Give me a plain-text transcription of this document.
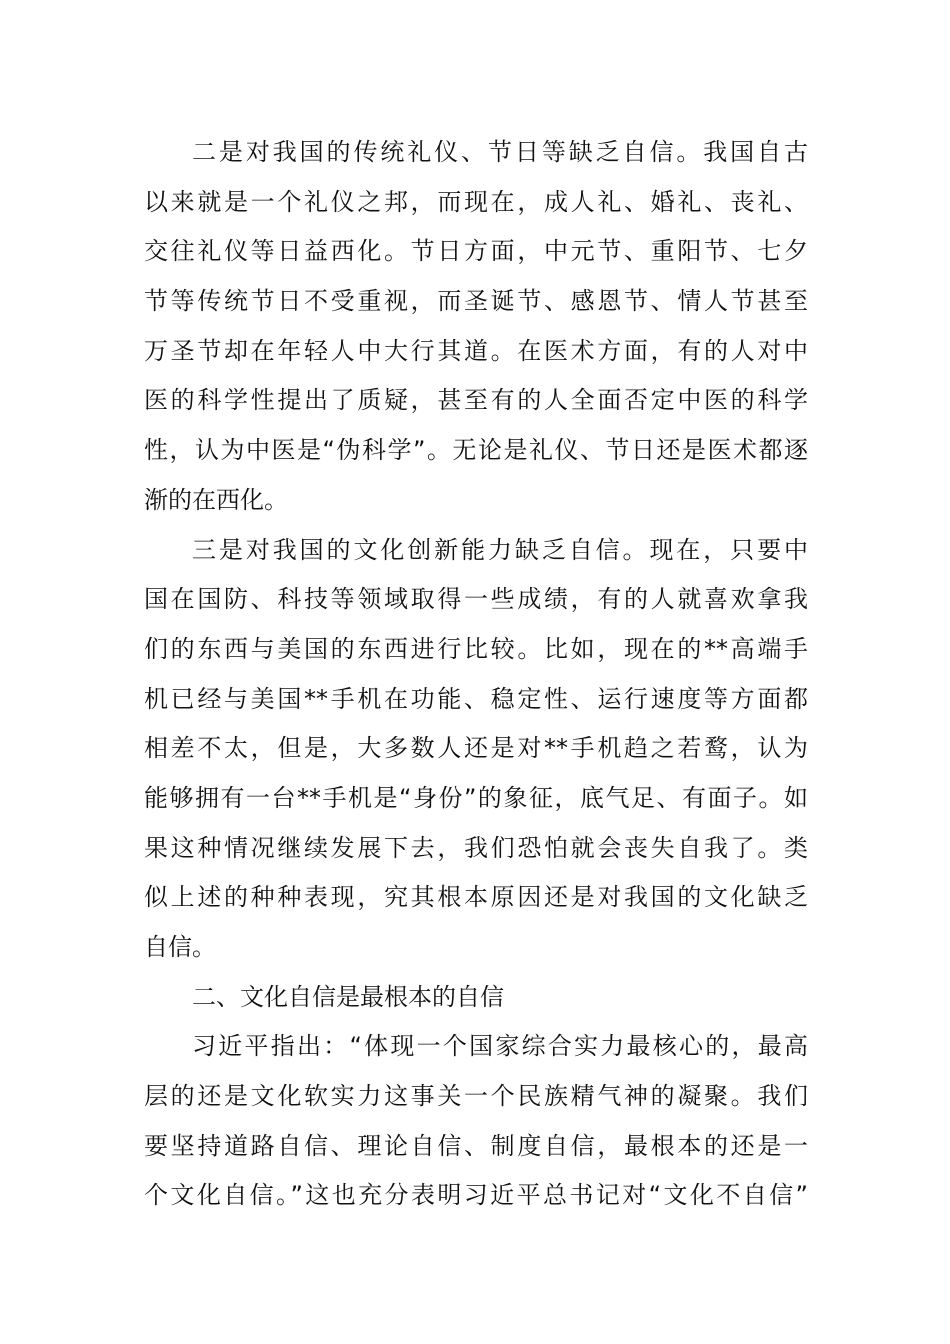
二是对我国的传统礼仪、节日等缺乏自信。我国自古
以来就是一个礼仪之邦，而现在，成人礼、婚礼、丧礼、
交往礼仪等日益西化。节日方面，中元节、重阳节、七夕
节等传统节日不受重视，而圣诞节、感恩节、情人节甚至
万圣节却在年轻人中大行其道。在医术方面，有的人对中
医的科学性提出了质疑，甚至有的人全面否定中医的科学
性，认为中医是“伪科学”。无论是礼仪、节日还是医术都逐
渐的在西化。
三是对我国的文化创新能力缺乏自信。现在，只要中
国在国防、科技等领域取得一些成绩，有的人就喜欢拿我
们的东西与美国的东西进行比较。比如，现在的**高端手
机已经与美国**手机在功能、稳定性、运行速度等方面都
相差不太，但是，大多数人还是对**手机趋之若鹜，认为
能够拥有一台**手机是“身份”的象征，底气足、有面子。如
果这种情况继续发展下去，我们恐怕就会丧失自我了。类
似上述的种种表现，究其根本原因还是对我国的文化缺乏
自信。
二、文化自信是最根本的自信
习近平指出：“体现一个国家综合实力最核心的，最高
层的还是文化软实力这事关一个民族精气神的凝聚。我们
要坚持道路自信、理论自信、制度自信，最根本的还是一
个文化自信。”这也充分表明习近平总书记对“文化不自信”
